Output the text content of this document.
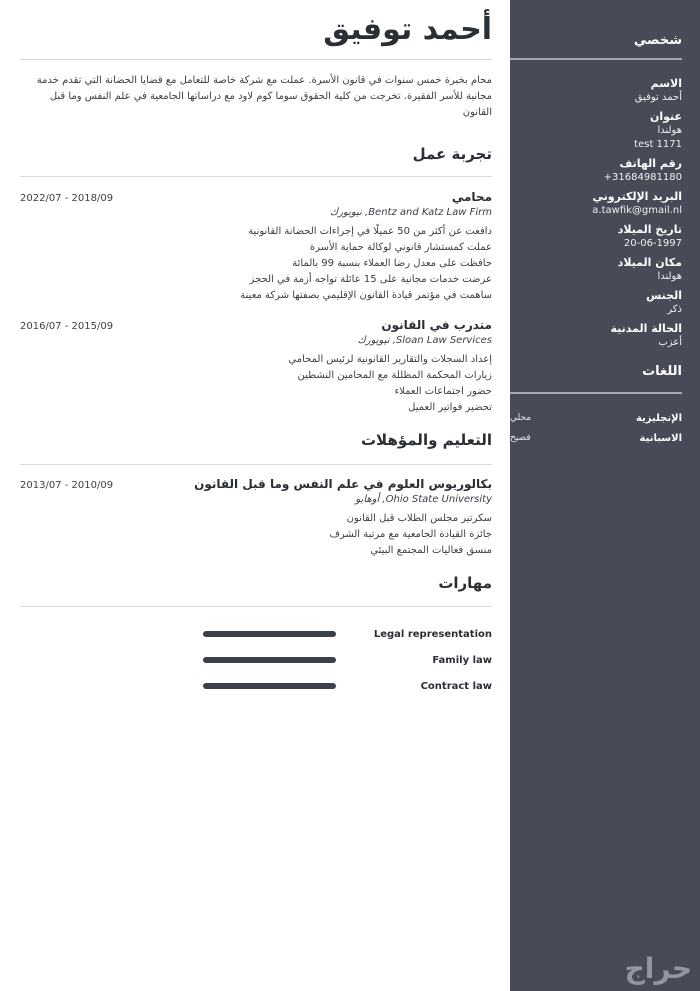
أحمد توفيق
محام بخبرة خمس سنوات في قانون الأسرة. عملت مع شركة خاصة للتعامل مع قضايا الحضانة التي تقدم خدمة مجانية للأسر الفقيرة. تخرجت من كلية الحقوق سوما كوم لاود مع دراساتها الجامعية في علم النفس وما قبل القانون
تجربة عمل
محامي
2022/07 - 2018/09
Bentz and Katz Law Firm, نيويورك
دافعت عن أكثر من 50 عميلًا في إجراءات الحضانة القانونية
عملت كمستشار قانوني لوكالة حماية الأسرة
حافظت على معدل رضا العملاء بنسبة 99 بالمائة
عرضت خدمات مجانية على 15 عائلة تواجه أزمة في الحجز
ساهمت في مؤتمر قيادة القانون الإقليمي بصفتها شركة معينة
متدرب في القانون
2016/07 - 2015/09
Sloan Law Services, نيويورك
إعداد السجلات والتقارير القانونية لرئيس المحامي
زيارات المحكمة المظللة مع المحامين النشطين
حضور اجتماعات العملاء
تحضير فواتير العميل
التعليم والمؤهلات
بكالوريوس العلوم في علم النفس وما قبل القانون
2013/07 - 2010/09
Ohio State University, أوهايو
سكرتير مجلس الطلاب قبل القانون
جائزة القيادة الجامعية مع مرتبة الشرف
منسق فعاليات المجتمع البيئي
مهارات
Legal representation
Family law
Contract law
شخصي
الاسم
أحمد توفيق
عنوان
هولندا
test 1171
رقم الهاتف
+31684981180
البريد الإلكتروني
a.tawfik@gmail.nl
تاريخ الميلاد
20-06-1997
مكان الميلاد
هولندا
الجنس
ذكر
الحالة المدنية
أعزب
اللغات
الإنجليزية
محلي
الاسبانية
فصيح
حراج
